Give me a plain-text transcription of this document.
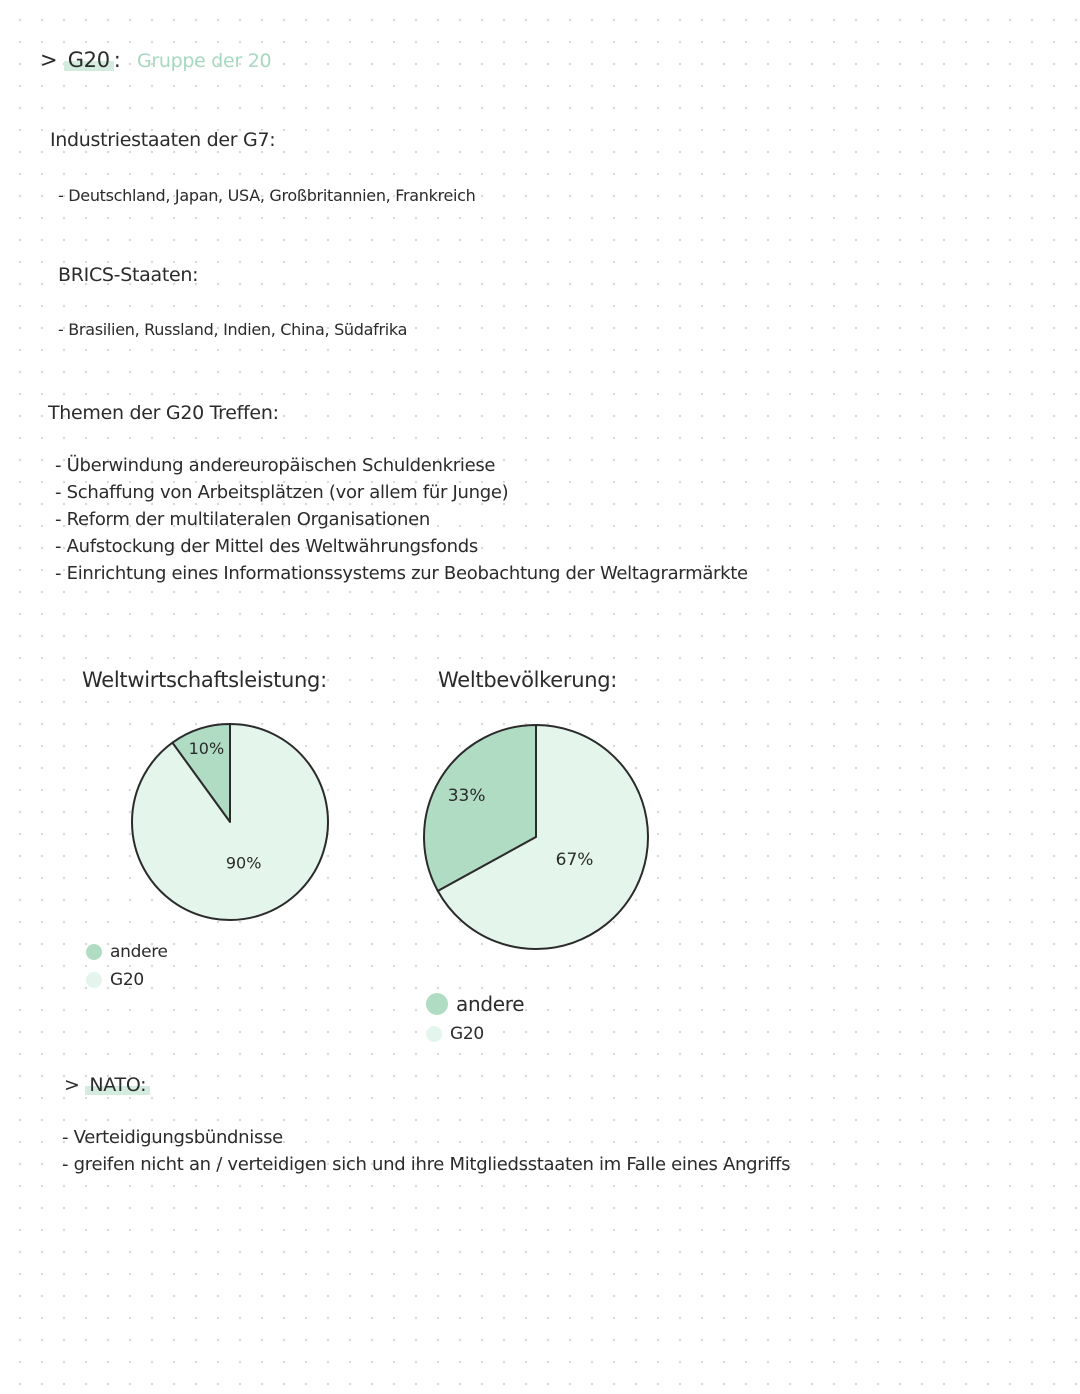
> G20 : Gruppe der 20
Industriestaaten der G7:
- Deutschland, Japan, USA, Großbritannien, Frankreich
BRICS-Staaten:
- Brasilien, Russland, Indien, China, Südafrika
Themen der G20 Treffen:
- Überwindung andereuropäischen Schuldenkriese
- Schaffung von Arbeitsplätzen (vor allem für Junge)
- Reform der multilateralen Organisationen
- Aufstockung der Mittel des Weltwährungsfonds
- Einrichtung eines Informationssystems zur Beobachtung der Weltagrarmärkte
Weltwirtschaftsleistung:
10%
90%
andere
G20
Weltbevölkerung:
33%
67%
andere
G20
> NATO:
- Verteidigungsbündnisse
- greifen nicht an / verteidigen sich und ihre Mitgliedsstaaten im Falle eines Angriffs
